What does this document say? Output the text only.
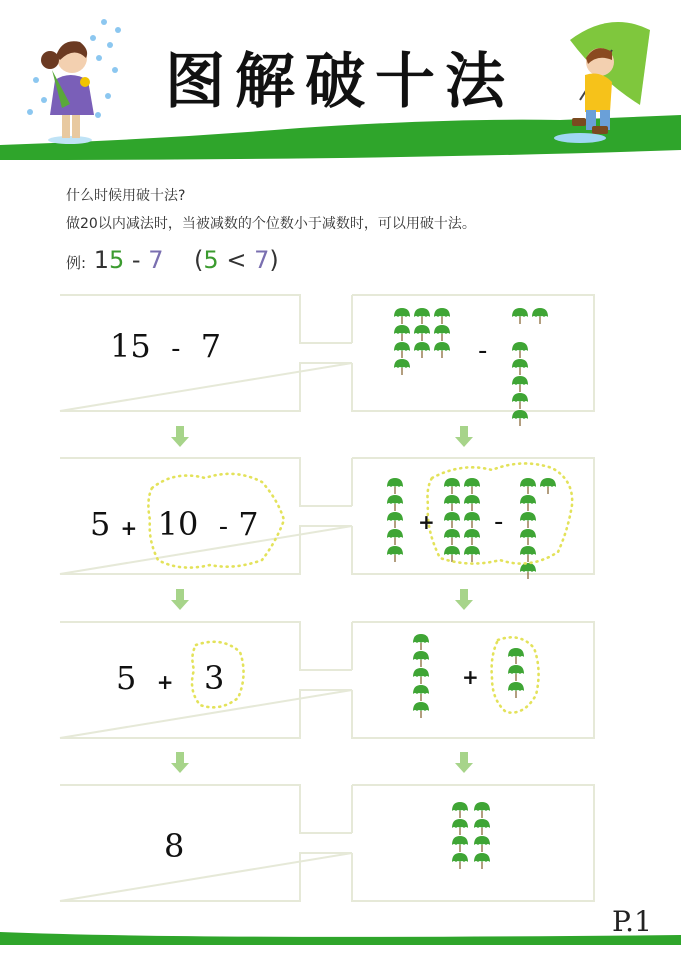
图解破十法
什么时候用破十法?
做20以内减法时，当被减数的个位数小于减数时，可以用破十法。
例: 15 - 7 (5 < 7)
15 - 7
5 + 10 - 7
5 + 3
8
-
+ -
+
P.1
